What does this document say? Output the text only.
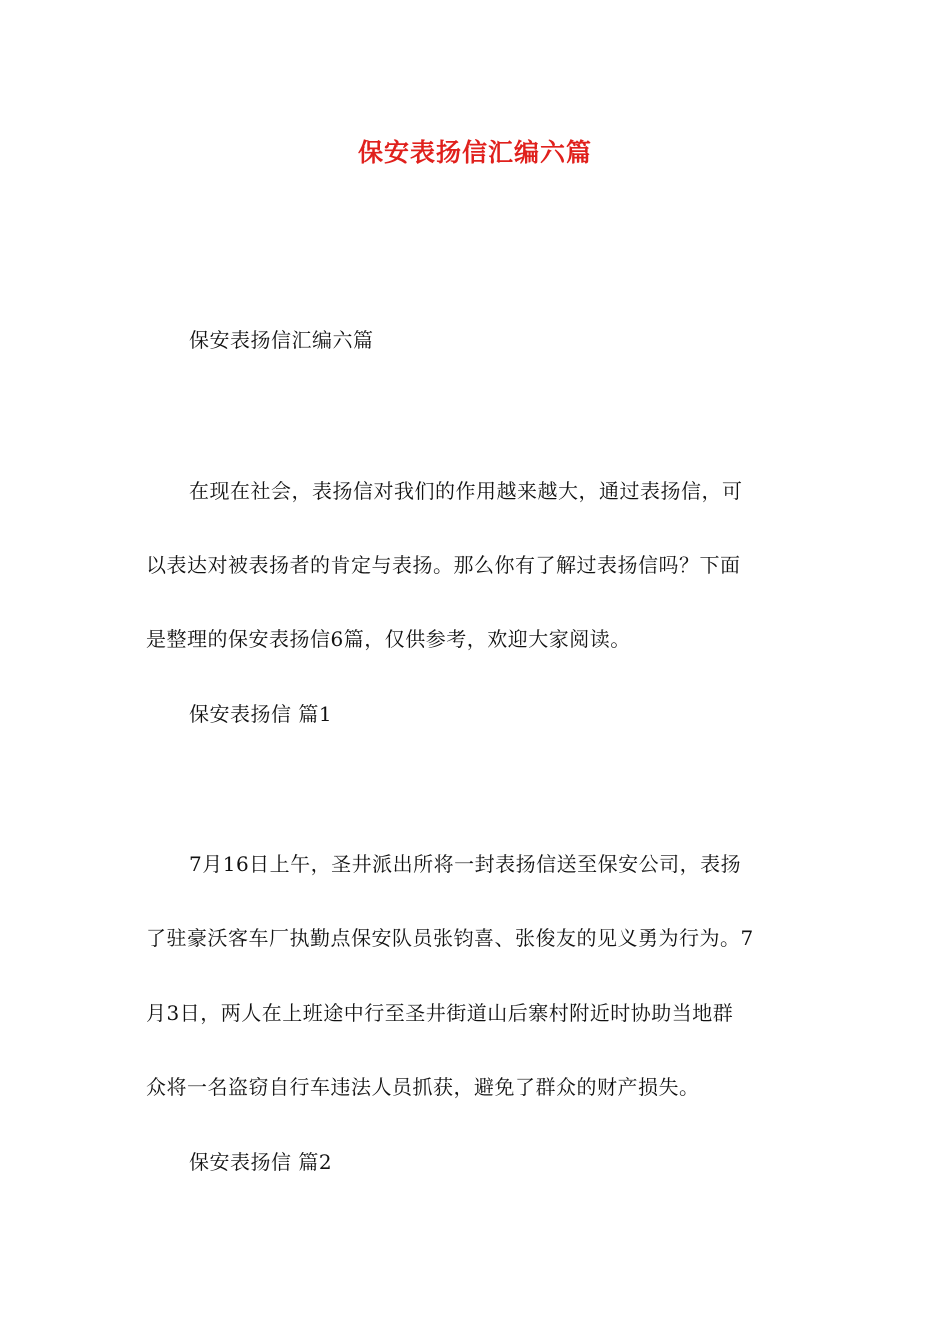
保安表扬信汇编六篇
保安表扬信汇编六篇
在现在社会，表扬信对我们的作用越来越大，通过表扬信，可
以表达对被表扬者的肯定与表扬。那么你有了解过表扬信吗？下面
是整理的保安表扬信6篇，仅供参考，欢迎大家阅读。
保安表扬信 篇1
7月16日上午，圣井派出所将一封表扬信送至保安公司，表扬
了驻豪沃客车厂执勤点保安队员张钧喜、张俊友的见义勇为行为。7
月3日，两人在上班途中行至圣井街道山后寨村附近时协助当地群
众将一名盗窃自行车违法人员抓获，避免了群众的财产损失。
保安表扬信 篇2
